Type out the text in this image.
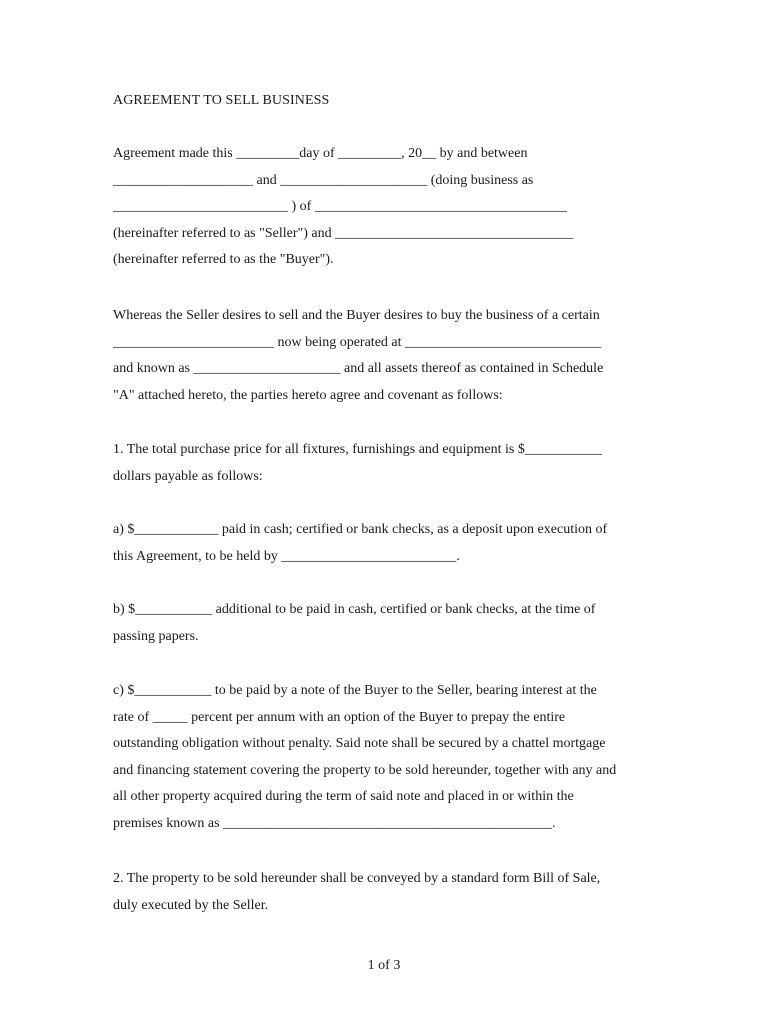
AGREEMENT TO SELL BUSINESS
Agreement made this _________day of _________, 20__ by and between
____________________ and _____________________ (doing business as
_________________________ ) of ____________________________________
(hereinafter referred to as "Seller") and __________________________________
(hereinafter referred to as the "Buyer").
Whereas the Seller desires to sell and the Buyer desires to buy the business of a certain
_______________________ now being operated at ____________________________
and known as _____________________ and all assets thereof as contained in Schedule
"A" attached hereto, the parties hereto agree and covenant as follows:
1. The total purchase price for all fixtures, furnishings and equipment is $___________
dollars payable as follows:
a) $____________ paid in cash; certified or bank checks, as a deposit upon execution of
this Agreement, to be held by _________________________.
b) $___________ additional to be paid in cash, certified or bank checks, at the time of
passing papers.
c) $___________ to be paid by a note of the Buyer to the Seller, bearing interest at the
rate of _____ percent per annum with an option of the Buyer to prepay the entire
outstanding obligation without penalty. Said note shall be secured by a chattel mortgage
and financing statement covering the property to be sold hereunder, together with any and
all other property acquired during the term of said note and placed in or within the
premises known as _______________________________________________.
2. The property to be sold hereunder shall be conveyed by a standard form Bill of Sale,
duly executed by the Seller.
1 of 3
